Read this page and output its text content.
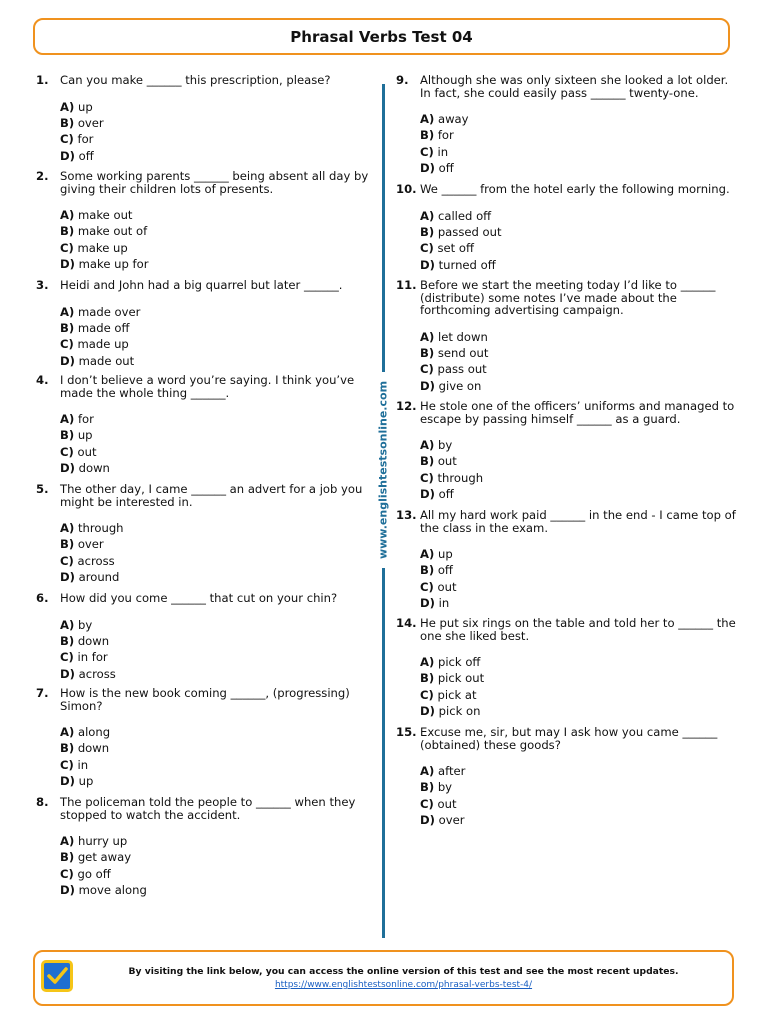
Phrasal Verbs Test 04
1. Can you make ______ this prescription, please?
A) up
B) over
C) for
D) off
2. Some working parents ______ being absent all day by giving their children lots of presents.
A) make out
B) make out of
C) make up
D) make up for
3. Heidi and John had a big quarrel but later ______.
A) made over
B) made off
C) made up
D) made out
4. I don’t believe a word you’re saying. I think you’ve made the whole thing ______.
A) for
B) up
C) out
D) down
5. The other day, I came ______ an advert for a job you might be interested in.
A) through
B) over
C) across
D) around
6. How did you come ______ that cut on your chin?
A) by
B) down
C) in for
D) across
7. How is the new book coming ______, (progressing) Simon?
A) along
B) down
C) in
D) up
8. The policeman told the people to ______ when they stopped to watch the accident.
A) hurry up
B) get away
C) go off
D) move along
9. Although she was only sixteen she looked a lot older. In fact, she could easily pass ______ twenty-one.
A) away
B) for
C) in
D) off
10. We ______ from the hotel early the following morning.
A) called off
B) passed out
C) set off
D) turned off
11. Before we start the meeting today I’d like to ______ (distribute) some notes I’ve made about the forthcoming advertising campaign.
A) let down
B) send out
C) pass out
D) give on
12. He stole one of the officers’ uniforms and managed to escape by passing himself ______ as a guard.
A) by
B) out
C) through
D) off
13. All my hard work paid ______ in the end - I came top of the class in the exam.
A) up
B) off
C) out
D) in
14. He put six rings on the table and told her to ______ the one she liked best.
A) pick off
B) pick out
C) pick at
D) pick on
15. Excuse me, sir, but may I ask how you came ______ (obtained) these goods?
A) after
B) by
C) out
D) over
www.englishtestsonline.com
By visiting the link below, you can access the online version of this test and see the most recent updates.
https://www.englishtestsonline.com/phrasal-verbs-test-4/
